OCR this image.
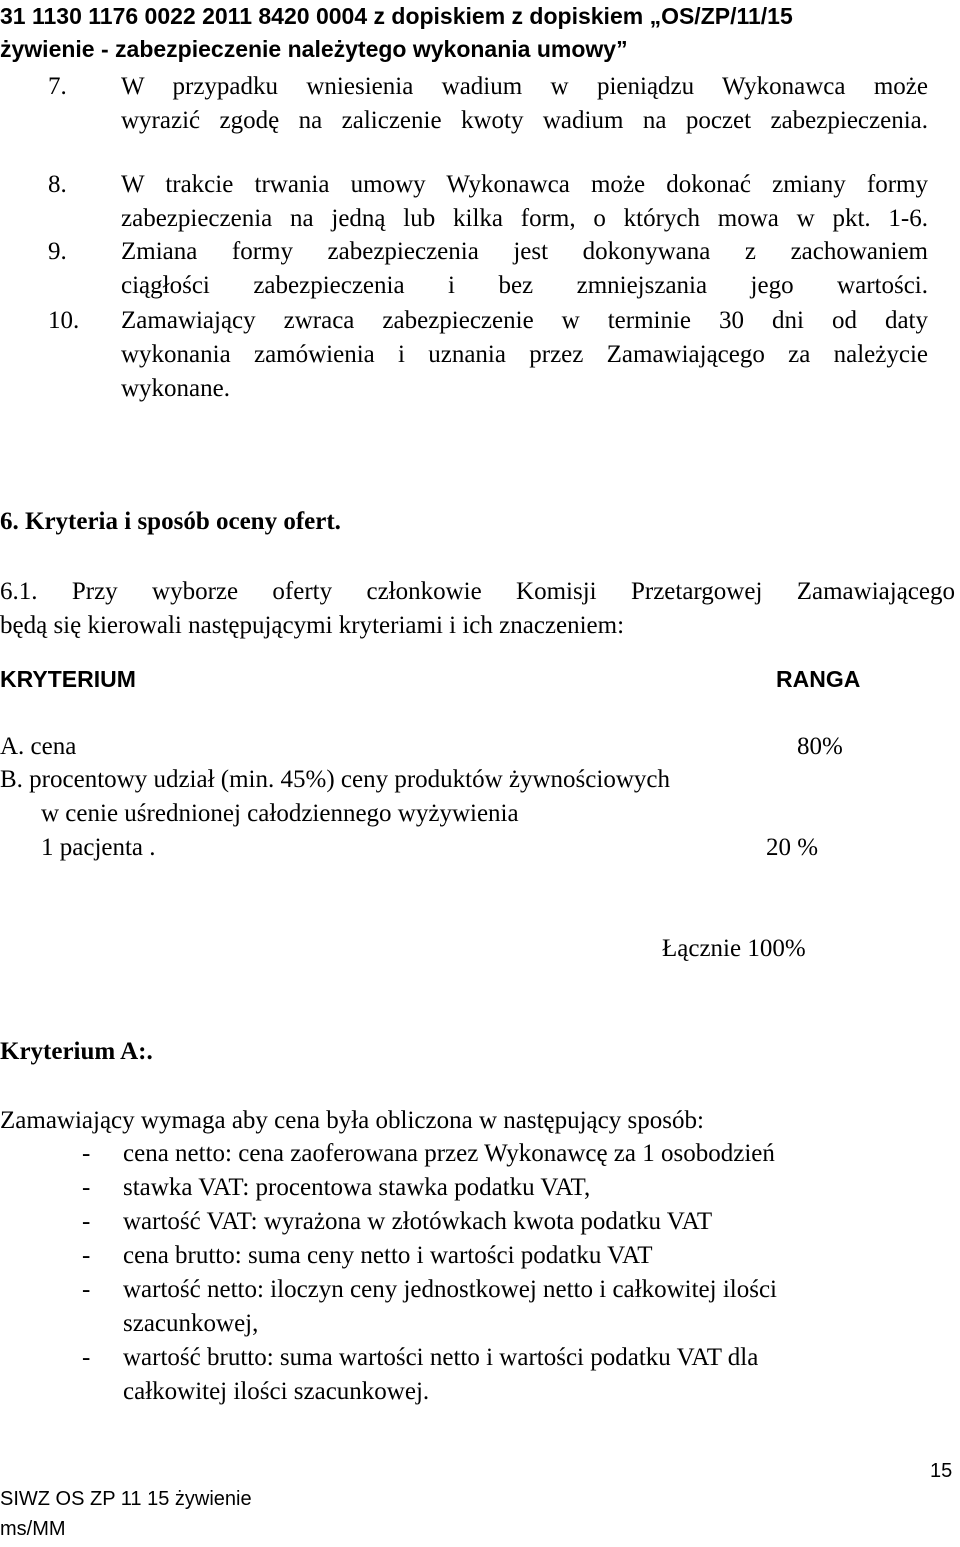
31 1130 1176 0022 2011 8420 0004 z dopiskiem z dopiskiem „OS/ZP/11/15
żywienie - zabezpieczenie należytego wykonania umowy”
7. W przypadku wniesienia wadium w pieniądzu Wykonawca może
wyrazić zgodę na zaliczenie kwoty wadium na poczet zabezpieczenia.
8. W trakcie trwania umowy Wykonawca może dokonać zmiany formy
zabezpieczenia na jedną lub kilka form, o których mowa w pkt. 1-6.
9. Zmiana formy zabezpieczenia jest dokonywana z zachowaniem
ciągłości zabezpieczenia i bez zmniejszania jego wartości.
10. Zamawiający zwraca zabezpieczenie w terminie 30 dni od daty
wykonania zamówienia i uznania przez Zamawiającego za należycie
wykonane.
6. Kryteria i sposób oceny ofert.
6.1. Przy wyborze oferty członkowie Komisji Przetargowej Zamawiającego
będą się kierowali następującymi kryteriami i ich znaczeniem:
KRYTERIUM	RANGA
A. cena	80%
B. procentowy udział (min. 45%) ceny produktów żywnościowych
w cenie uśrednionej całodziennego wyżywienia
1 pacjenta .	20 %
Łącznie 100%
Kryterium A:.
Zamawiający wymaga aby cena była obliczona w następujący sposób:
- cena netto: cena zaoferowana przez Wykonawcę za 1 osobodzień
- stawka VAT: procentowa stawka podatku VAT,
- wartość VAT: wyrażona w złotówkach kwota podatku VAT
- cena brutto: suma ceny netto i wartości podatku VAT
- wartość netto: iloczyn ceny jednostkowej netto i całkowitej ilości
szacunkowej,
- wartość brutto: suma wartości netto i wartości podatku VAT dla
całkowitej ilości szacunkowej.
SIWZ OS ZP 11 15 żywienie
ms/MM
15
